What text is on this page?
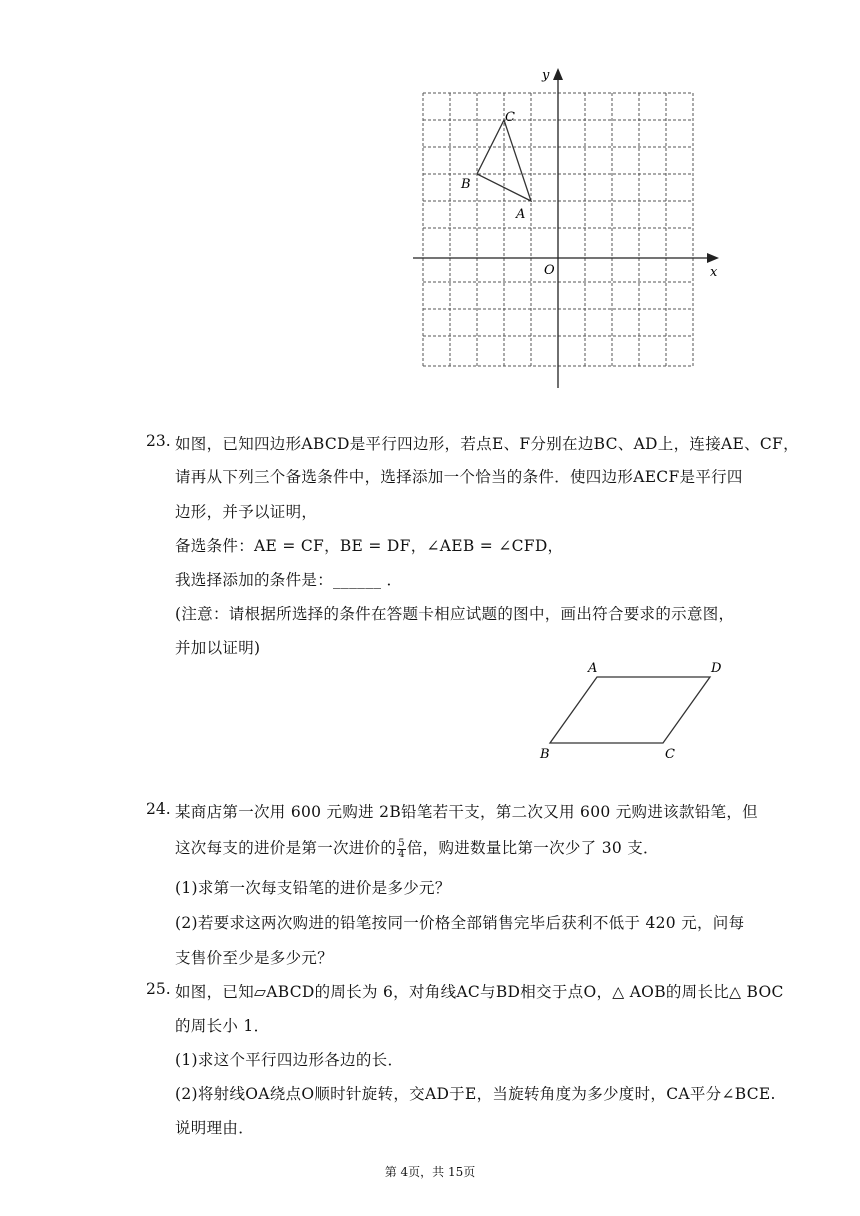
y
x
O
C
B
A
23. 如图，已知四边形ABCD是平行四边形，若点E、F分别在边BC、AD上，连接AE、CF，
请再从下列三个备选条件中，选择添加一个恰当的条件．使四边形AECF是平行四
边形，并予以证明，
备选条件：AE = CF，BE = DF，∠AEB = ∠CFD，
我选择添加的条件是：______ ．
(注意：请根据所选择的条件在答题卡相应试题的图中，画出符合要求的示意图，
并加以证明)
A	D
B	C
24. 某商店第一次用 600 元购进 2B铅笔若干支，第二次又用 600 元购进该款铅笔，但
这次每支的进价是第一次进价的 $\frac{5}{4}$ 倍，购进数量比第一次少了 30 支．
(1)求第一次每支铅笔的进价是多少元？
(2)若要求这两次购进的铅笔按同一价格全部销售完毕后获利不低于 420 元，问每
支售价至少是多少元？
25. 如图，已知▱ABCD的周长为 6，对角线AC与BD相交于点O，△ AOB的周长比△ BOC
的周长小 1．
(1)求这个平行四边形各边的长．
(2)将射线OA绕点O顺时针旋转，交AD于E，当旋转角度为多少度时，CA平分∠BCE.
说明理由．
第 4页，共 15页
